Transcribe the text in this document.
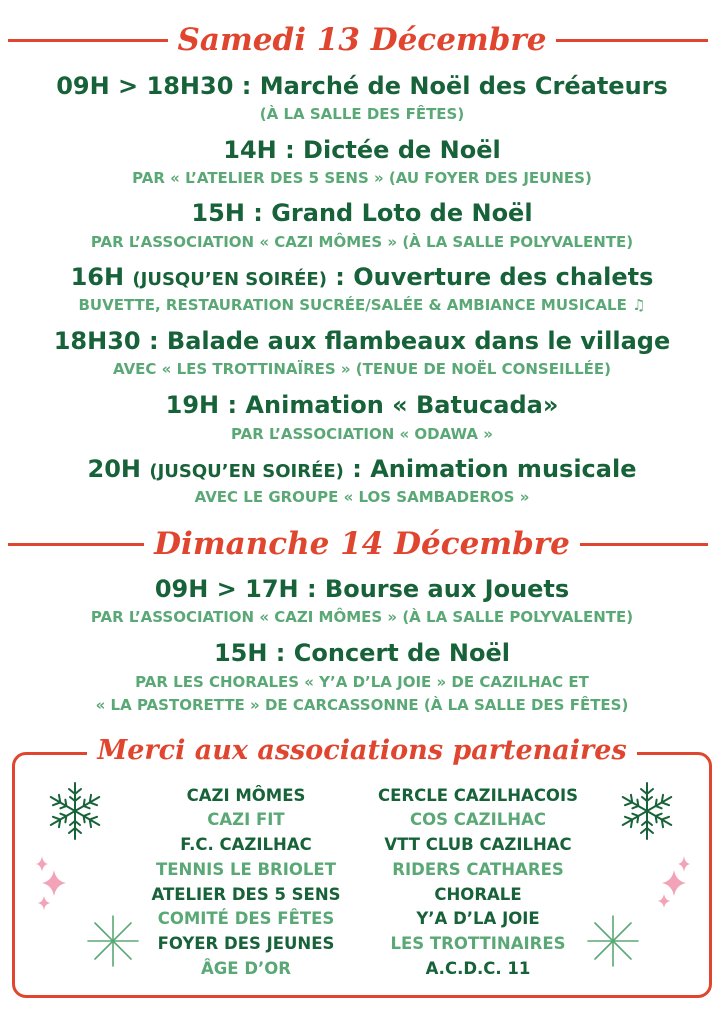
Samedi 13 Décembre
09H > 18H30 : Marché de Noël des Créateurs
(À LA SALLE DES FÊTES)
14H : Dictée de Noël
PAR « L’ATELIER DES 5 SENS » (AU FOYER DES JEUNES)
15H : Grand Loto de Noël
PAR L’ASSOCIATION « CAZI MÔMES » (À LA SALLE POLYVALENTE)
16H (JUSQU’EN SOIRÉE) : Ouverture des chalets
BUVETTE, RESTAURATION SUCRÉE/SALÉE & AMBIANCE MUSICALE ♫
18H30 : Balade aux flambeaux dans le village
AVEC « LES TROTTINAÏRES » (TENUE DE NOËL CONSEILLÉE)
19H : Animation « Batucada»
PAR L’ASSOCIATION « ODAWA »
20H (JUSQU’EN SOIRÉE) : Animation musicale
AVEC LE GROUPE « LOS SAMBADEROS »
Dimanche 14 Décembre
09H > 17H : Bourse aux Jouets
PAR L’ASSOCIATION « CAZI MÔMES » (À LA SALLE POLYVALENTE)
15H : Concert de Noël
PAR LES CHORALES « Y’A D’LA JOIE » DE CAZILHAC ET
« LA PASTORETTE » DE CARCASSONNE (À LA SALLE DES FÊTES)
Merci aux associations partenaires
CAZI MÔMES
CAZI FIT
F.C. CAZILHAC
TENNIS LE BRIOLET
ATELIER DES 5 SENS
COMITÉ DES FÊTES
FOYER DES JEUNES
ÂGE D’OR
CERCLE CAZILHACOIS
COS CAZILHAC
VTT CLUB CAZILHAC
RIDERS CATHARES
CHORALE
Y’A D’LA JOIE
LES TROTTINAIRES
A.C.D.C. 11
